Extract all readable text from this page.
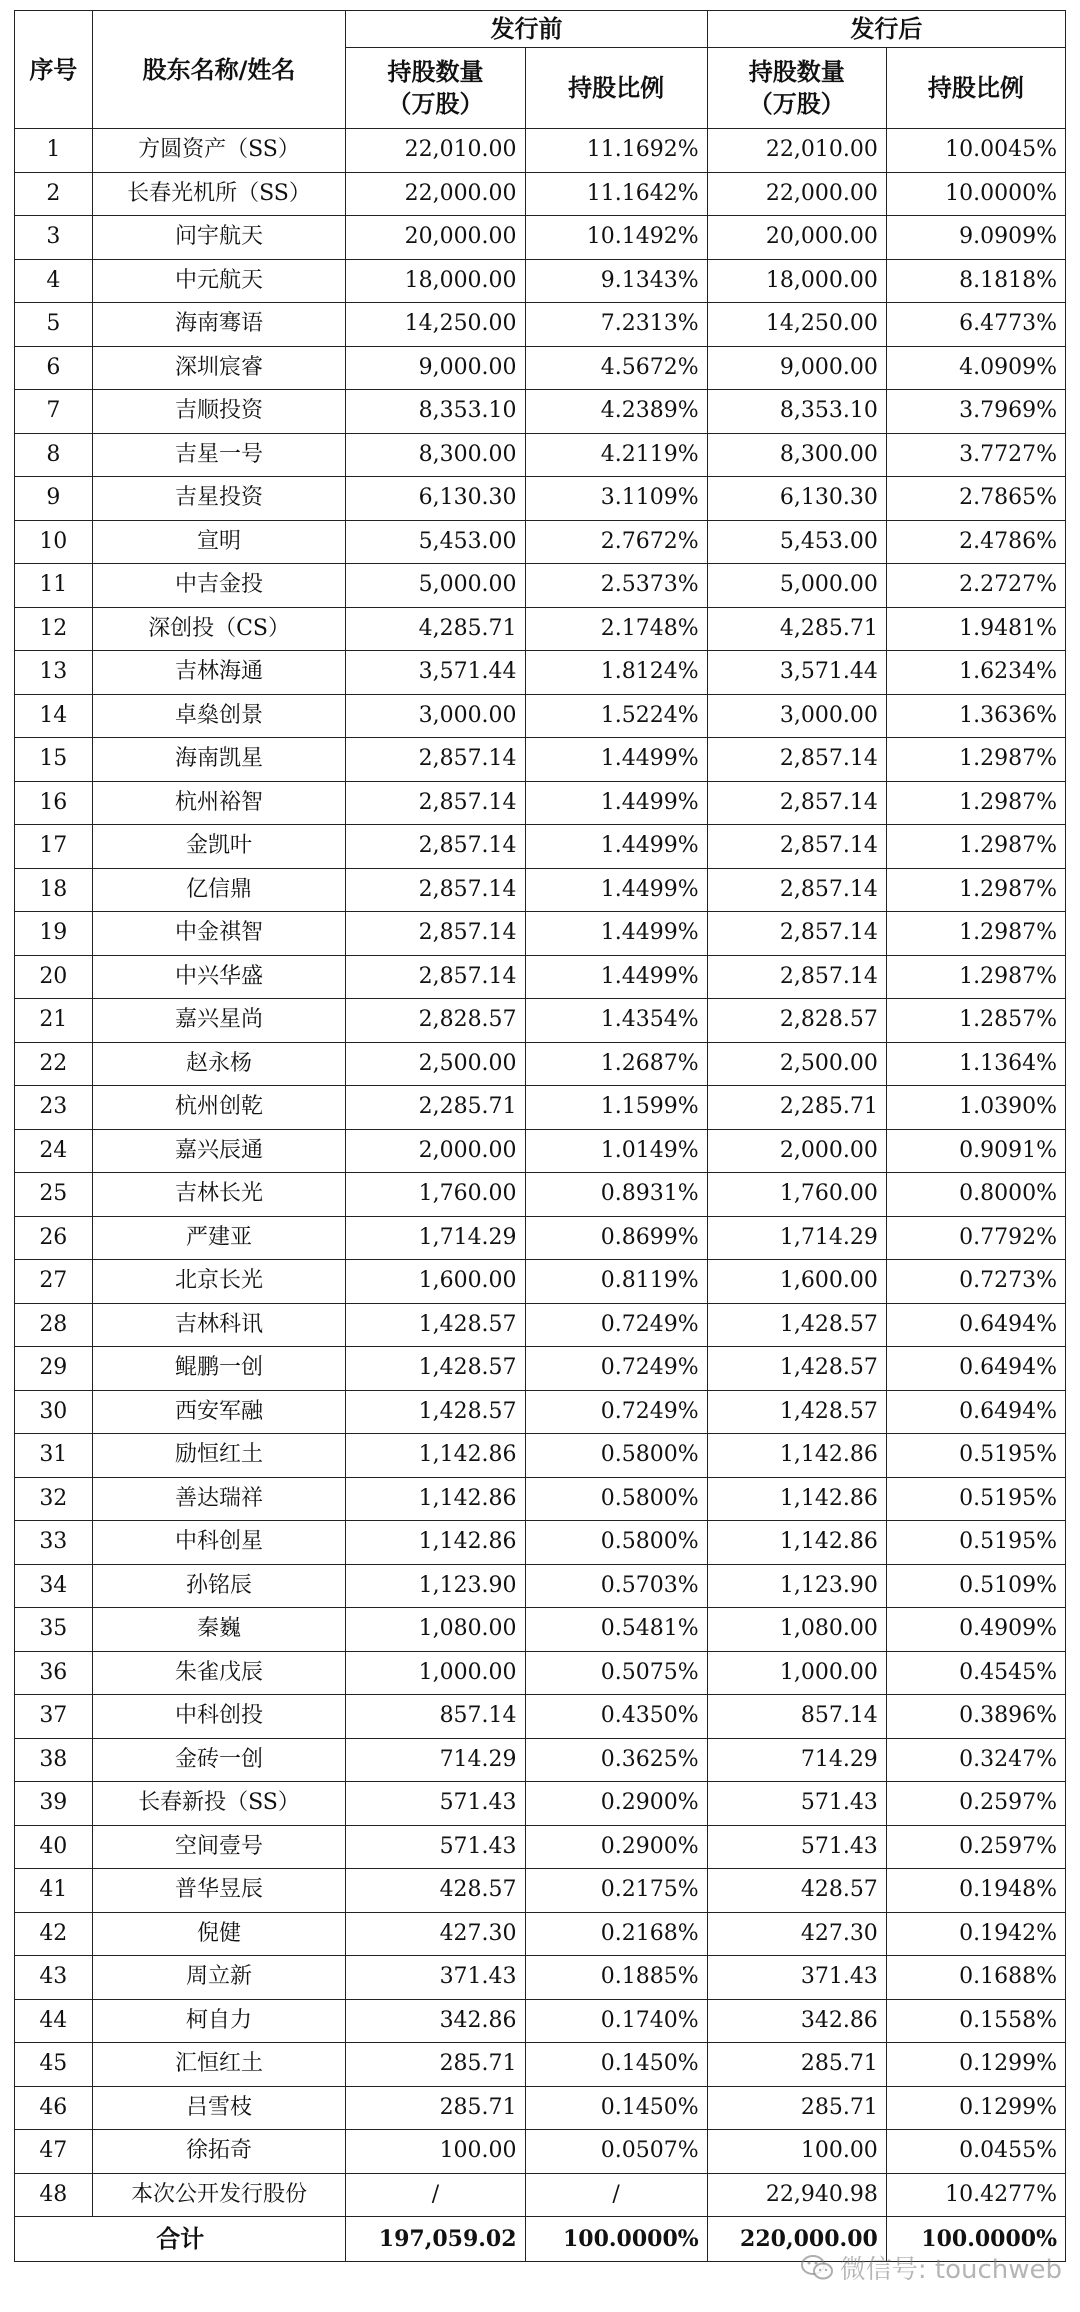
序号	股东名称/姓名	发行前		发行后	
		持股数量（万股）	持股比例	持股数量（万股）	持股比例
1	方圆资产（SS）	22,010.00	11.1692%	22,010.00	10.0045%
2	长春光机所（SS）	22,000.00	11.1642%	22,000.00	10.0000%
3	问宇航天	20,000.00	10.1492%	20,000.00	9.0909%
4	中元航天	18,000.00	9.1343%	18,000.00	8.1818%
5	海南骞语	14,250.00	7.2313%	14,250.00	6.4773%
6	深圳宸睿	9,000.00	4.5672%	9,000.00	4.0909%
7	吉顺投资	8,353.10	4.2389%	8,353.10	3.7969%
8	吉星一号	8,300.00	4.2119%	8,300.00	3.7727%
9	吉星投资	6,130.30	3.1109%	6,130.30	2.7865%
10	宣明	5,453.00	2.7672%	5,453.00	2.4786%
11	中吉金投	5,000.00	2.5373%	5,000.00	2.2727%
12	深创投（CS）	4,285.71	2.1748%	4,285.71	1.9481%
13	吉林海通	3,571.44	1.8124%	3,571.44	1.6234%
14	卓燊创景	3,000.00	1.5224%	3,000.00	1.3636%
15	海南凯星	2,857.14	1.4499%	2,857.14	1.2987%
16	杭州裕智	2,857.14	1.4499%	2,857.14	1.2987%
17	金凯叶	2,857.14	1.4499%	2,857.14	1.2987%
18	亿信鼎	2,857.14	1.4499%	2,857.14	1.2987%
19	中金祺智	2,857.14	1.4499%	2,857.14	1.2987%
20	中兴华盛	2,857.14	1.4499%	2,857.14	1.2987%
21	嘉兴星尚	2,828.57	1.4354%	2,828.57	1.2857%
22	赵永杨	2,500.00	1.2687%	2,500.00	1.1364%
23	杭州创乾	2,285.71	1.1599%	2,285.71	1.0390%
24	嘉兴辰通	2,000.00	1.0149%	2,000.00	0.9091%
25	吉林长光	1,760.00	0.8931%	1,760.00	0.8000%
26	严建亚	1,714.29	0.8699%	1,714.29	0.7792%
27	北京长光	1,600.00	0.8119%	1,600.00	0.7273%
28	吉林科讯	1,428.57	0.7249%	1,428.57	0.6494%
29	鲲鹏一创	1,428.57	0.7249%	1,428.57	0.6494%
30	西安军融	1,428.57	0.7249%	1,428.57	0.6494%
31	励恒红土	1,142.86	0.5800%	1,142.86	0.5195%
32	善达瑞祥	1,142.86	0.5800%	1,142.86	0.5195%
33	中科创星	1,142.86	0.5800%	1,142.86	0.5195%
34	孙铭辰	1,123.90	0.5703%	1,123.90	0.5109%
35	秦巍	1,080.00	0.5481%	1,080.00	0.4909%
36	朱雀戊辰	1,000.00	0.5075%	1,000.00	0.4545%
37	中科创投	857.14	0.4350%	857.14	0.3896%
38	金砖一创	714.29	0.3625%	714.29	0.3247%
39	长春新投（SS）	571.43	0.2900%	571.43	0.2597%
40	空间壹号	571.43	0.2900%	571.43	0.2597%
41	普华昱辰	428.57	0.2175%	428.57	0.1948%
42	倪健	427.30	0.2168%	427.30	0.1942%
43	周立新	371.43	0.1885%	371.43	0.1688%
44	柯自力	342.86	0.1740%	342.86	0.1558%
45	汇恒红土	285.71	0.1450%	285.71	0.1299%
46	吕雪枝	285.71	0.1450%	285.71	0.1299%
47	徐拓奇	100.00	0.0507%	100.00	0.0455%
48	本次公开发行股份	/	/	22,940.98	10.4277%
合计		197,059.02	100.0000%	220,000.00	100.0000%
微信号: touchweb
